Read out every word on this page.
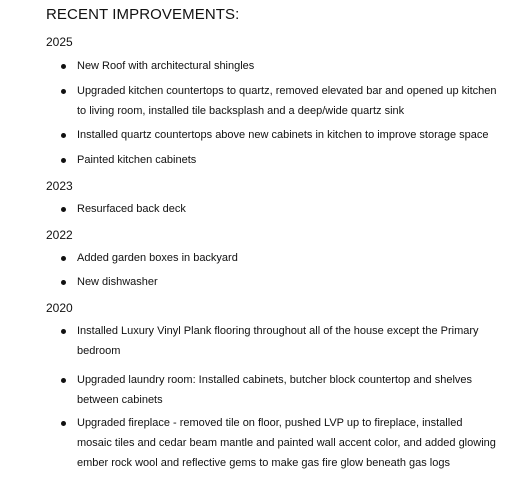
RECENT IMPROVEMENTS:
2025
New Roof with architectural shingles
Upgraded kitchen countertops to quartz, removed elevated bar and opened up kitchen to living room, installed tile backsplash and a deep/wide quartz sink
Installed quartz countertops above new cabinets in kitchen to improve storage space
Painted kitchen cabinets
2023
Resurfaced back deck
2022
Added garden boxes in backyard
New dishwasher
2020
Installed Luxury Vinyl Plank flooring throughout all of the house except the Primary bedroom
Upgraded laundry room: Installed cabinets, butcher block countertop and shelves between cabinets
Upgraded fireplace - removed tile on floor, pushed LVP up to fireplace, installed mosaic tiles and cedar beam mantle and painted wall accent color, and added glowing ember rock wool and reflective gems to make gas fire glow beneath gas logs
